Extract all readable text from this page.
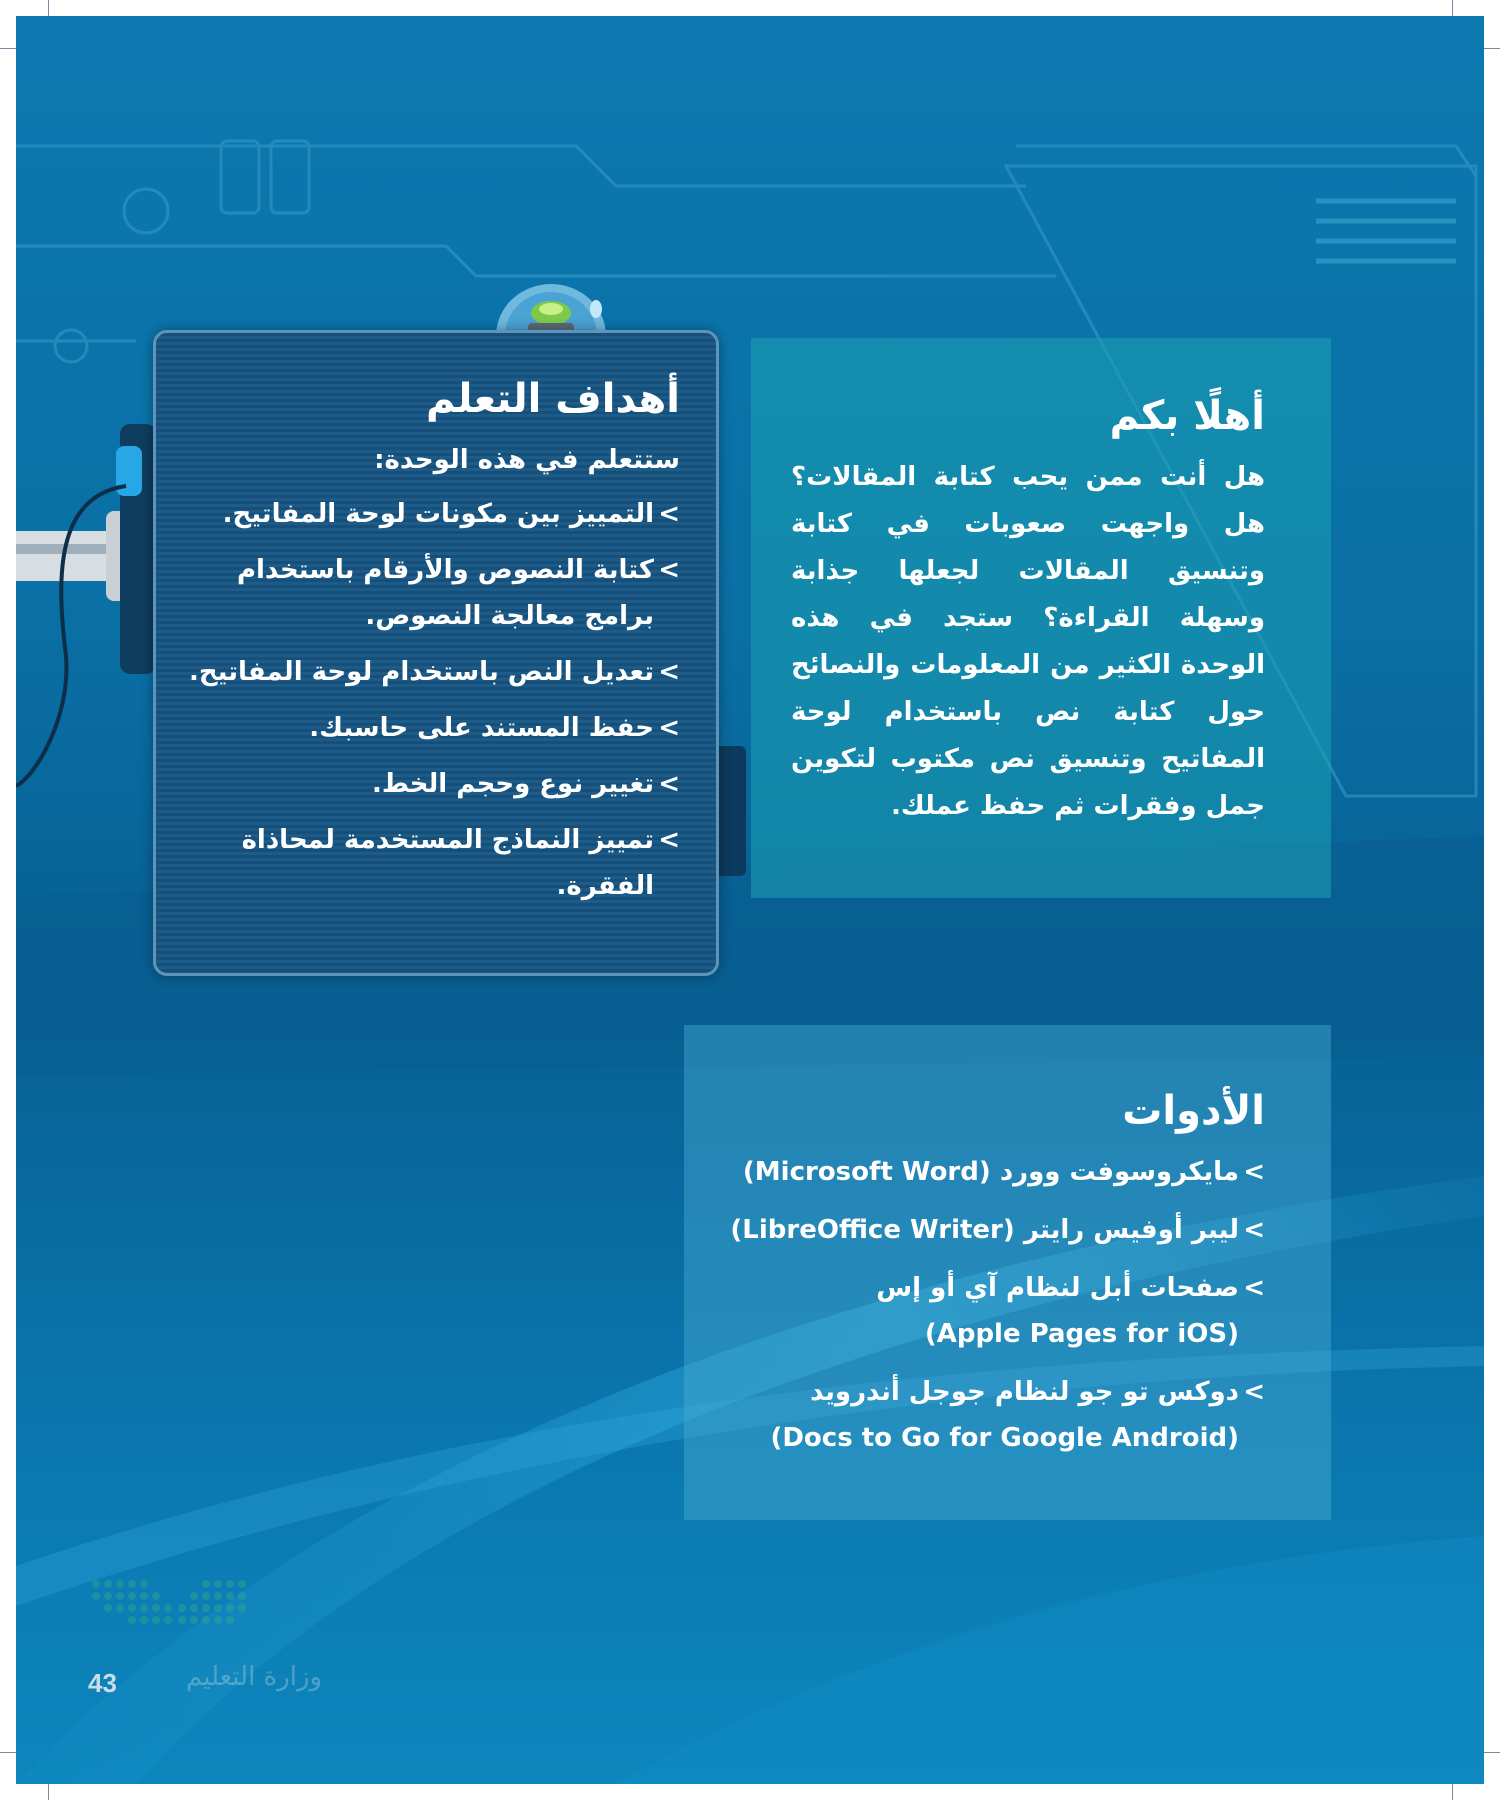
أهلًا بكم
هل أنت ممن يحب كتابة المقالات؟ هل واجهت صعوبات في كتابة وتنسيق المقالات لجعلها جذابة وسهلة القراءة؟ ستجد في هذه الوحدة الكثير من المعلومات والنصائح حول كتابة نص باستخدام لوحة المفاتيح وتنسيق نص مكتوب لتكوين جمل وفقرات ثم حفظ عملك.
أهداف التعلم
ستتعلم في هذه الوحدة:
>
التمييز بين مكونات لوحة المفاتيح.
>
كتابة النصوص والأرقام باستخدام برامج معالجة النصوص.
>
تعديل النص باستخدام لوحة المفاتيح.
>
حفظ المستند على حاسبك.
>
تغيير نوع وحجم الخط.
>
تمييز النماذج المستخدمة لمحاذاة الفقرة.
الأدوات
>
مايكروسوفت وورد (Microsoft Word)
>
ليبر أوفيس رايتر (LibreOffice Writer)
>
صفحات أبل لنظام آي أو إس
(Apple Pages for iOS)
>
دوكس تو جو لنظام جوجل أندرويد
(Docs to Go for Google Android)
وزارة التعليم
43
